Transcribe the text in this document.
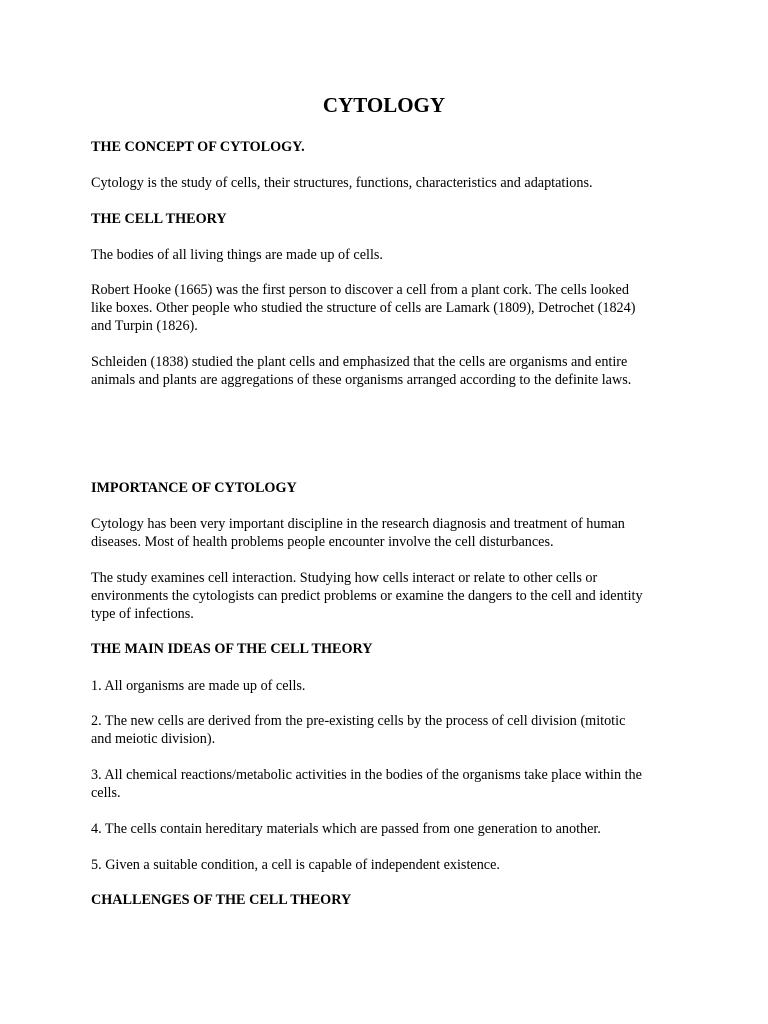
CYTOLOGY

THE CONCEPT OF CYTOLOGY.

Cytology is the study of cells, their structures, functions, characteristics and adaptations.

THE CELL THEORY

The bodies of all living things are made up of cells.

Robert Hooke (1665) was the first person to discover a cell from a plant cork. The cells looked
like boxes. Other people who studied the structure of cells are Lamark (1809), Detrochet (1824)
and Turpin (1826).

Schleiden (1838) studied the plant cells and emphasized that the cells are organisms and entire
animals and plants are aggregations of these organisms arranged according to the definite laws.

IMPORTANCE OF CYTOLOGY

Cytology has been very important discipline in the research diagnosis and treatment of human
diseases. Most of health problems people encounter involve the cell disturbances.

The study examines cell interaction. Studying how cells interact or relate to other cells or
environments the cytologists can predict problems or examine the dangers to the cell and identity
type of infections.

THE MAIN IDEAS OF THE CELL THEORY

1. All organisms are made up of cells.

2. The new cells are derived from the pre-existing cells by the process of cell division (mitotic
and meiotic division).

3. All chemical reactions/metabolic activities in the bodies of the organisms take place within the
cells.

4. The cells contain hereditary materials which are passed from one generation to another.

5. Given a suitable condition, a cell is capable of independent existence.

CHALLENGES OF THE CELL THEORY
